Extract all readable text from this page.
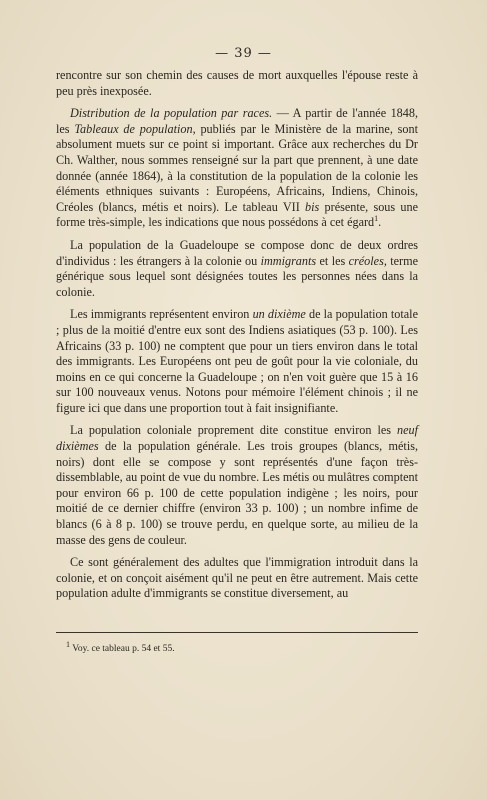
— 39 —

rencontre sur son chemin des causes de mort auxquelles l'épouse reste à peu près inexposée.

Distribution de la population par races. — A partir de l'année 1848, les Tableaux de population, publiés par le Ministère de la marine, sont absolument muets sur ce point si important. Grâce aux recherches du Dr Ch. Walther, nous sommes renseigné sur la part que prennent, à une date donnée (année 1864), à la constitution de la population de la colonie les éléments ethniques suivants : Européens, Africains, Indiens, Chinois, Créoles (blancs, métis et noirs). Le tableau VII bis présente, sous une forme très-simple, les indications que nous possédons à cet égard$^1$.

La population de la Guadeloupe se compose donc de deux ordres d'individus : les étrangers à la colonie ou immigrants et les créoles, terme générique sous lequel sont désignées toutes les personnes nées dans la colonie.

Les immigrants représentent environ un dixième de la population totale ; plus de la moitié d'entre eux sont des Indiens asiatiques (53 p. 100). Les Africains (33 p. 100) ne comptent que pour un tiers environ dans le total des immigrants. Les Européens ont peu de goût pour la vie coloniale, du moins en ce qui concerne la Guadeloupe ; on n'en voit guère que 15 à 16 sur 100 nouveaux venus. Notons pour mémoire l'élément chinois ; il ne figure ici que dans une proportion tout à fait insignifiante.

La population coloniale proprement dite constitue environ les neuf dixièmes de la population générale. Les trois groupes (blancs, métis, noirs) dont elle se compose y sont représentés d'une façon très-dissemblable, au point de vue du nombre. Les métis ou mulâtres comptent pour environ 66 p. 100 de cette population indigène ; les noirs, pour moitié de ce dernier chiffre (environ 33 p. 100) ; un nombre infime de blancs (6 à 8 p. 100) se trouve perdu, en quelque sorte, au milieu de la masse des gens de couleur.

Ce sont généralement des adultes que l'immigration introduit dans la colonie, et on conçoit aisément qu'il ne peut en être autrement. Mais cette population adulte d'immigrants se constitue diversement, au

$^1$ Voy. ce tableau p. 54 et 55.
